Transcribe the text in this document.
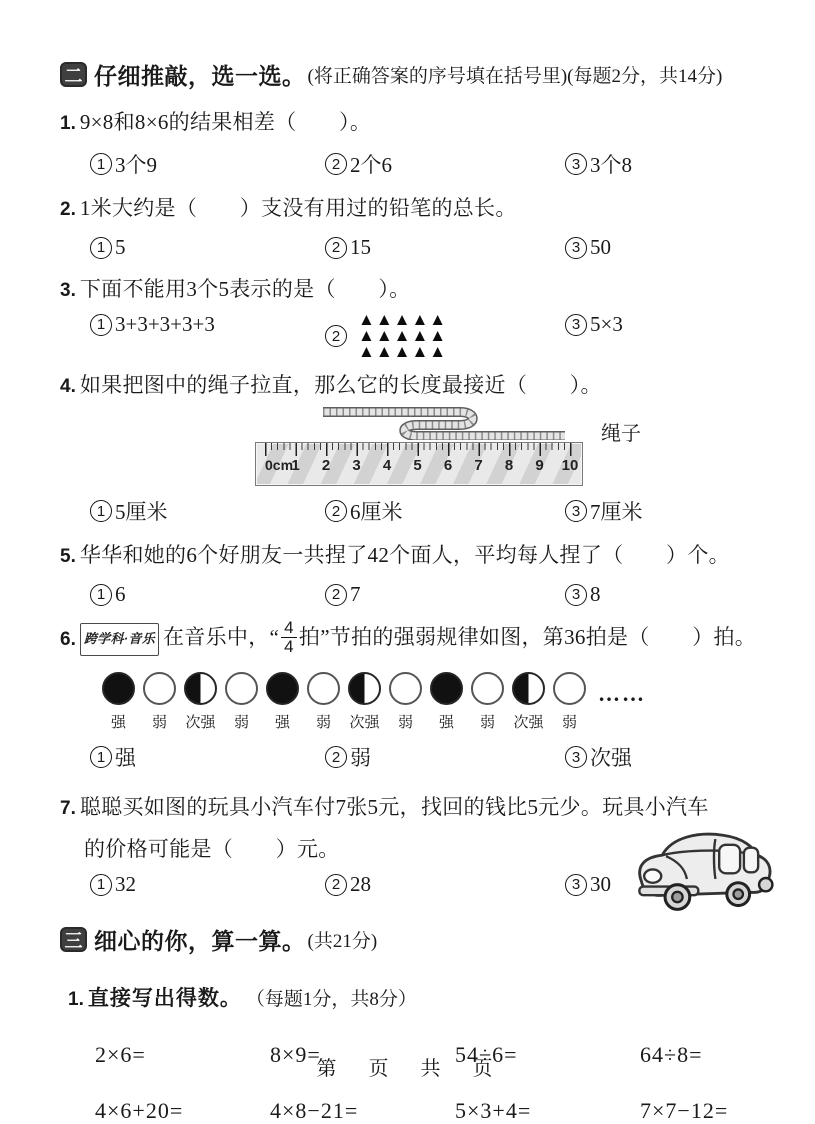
二 仔细推敲，选一选。 (将正确答案的序号填在括号里)(每题2分，共14分)
1. 9×8和8×6的结果相差（　　）。
1 3个9	2 2个6	3 3个8
2. 1米大约是（　　）支没有用过的铅笔的总长。
1 5	2 15	3 50
3. 下面不能用3个5表示的是（　　）。
1 3+3+3+3+3
2
▲▲▲▲▲
▲▲▲▲▲
▲▲▲▲▲
3 5×3
4. 如果把图中的绳子拉直，那么它的长度最接近（　　）。
绳子
0cm
1 2 3 4 5 6 7 8 9 10
1 5厘米	2 6厘米	3 7厘米
5. 华华和她的6个好朋友一共捏了42个面人，平均每人捏了（　　）个。
1 6	2 7	3 8
6. 跨学科·音乐 在音乐中，“ $\frac{4}{4}$ 拍”节拍的强弱规律如图，第36拍是（　　）拍。
强 弱 次强 弱 强 弱 次强 弱 强 弱 次强 弱
……
1 强	2 弱	3 次强
7. 聪聪买如图的玩具小汽车付7张5元，找回的钱比5元少。玩具小汽车
的价格可能是（　　）元。
1 32	2 28	3 30
三 细心的你，算一算。 (共21分)
1. 直接写出得数。 （每题1分，共8分）
2×6=	8×9=	54÷6=	64÷8=
4×6+20=	4×8−21=	5×3+4=	7×7−12=
第　页　共　页
